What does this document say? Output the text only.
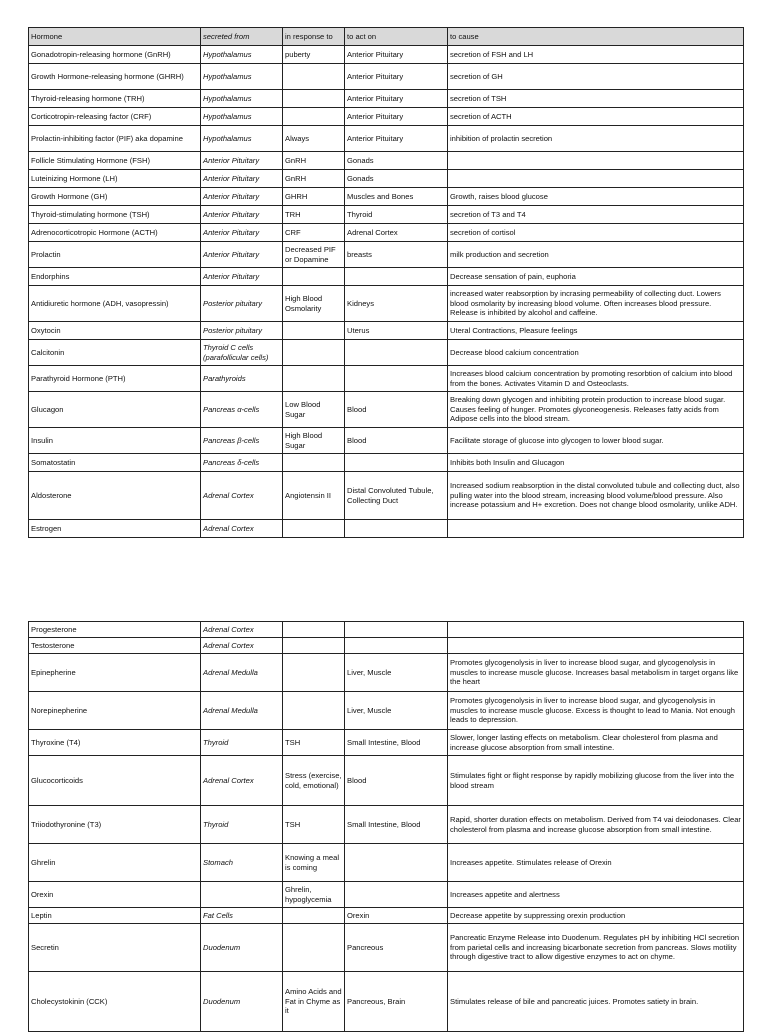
Hormone	secreted from	in response to	to act on	to cause
Gonadotropin-releasing hormone (GnRH)	Hypothalamus	puberty	Anterior Pituitary	secretion of FSH and LH
Growth Hormone-releasing hormone (GHRH)	Hypothalamus		Anterior Pituitary	secretion of GH
Thyroid-releasing hormone (TRH)	Hypothalamus		Anterior Pituitary	secretion of TSH
Corticotropin-releasing factor (CRF)	Hypothalamus		Anterior Pituitary	secretion of ACTH
Prolactin-inhibiting factor (PIF) aka dopamine	Hypothalamus	Always	Anterior Pituitary	inhibition of prolactin secretion
Follicle Stimulating Hormone (FSH)	Anterior Pituitary	GnRH	Gonads	
Luteinizing Hormone (LH)	Anterior Pituitary	GnRH	Gonads	
Growth Hormone (GH)	Anterior Pituitary	GHRH	Muscles and Bones	Growth, raises blood glucose
Thyroid-stimulating hormone (TSH)	Anterior Pituitary	TRH	Thyroid	secretion of T3 and T4
Adrenocorticotropic Hormone (ACTH)	Anterior Pituitary	CRF	Adrenal Cortex	secretion of cortisol
Prolactin	Anterior Pituitary	Decreased PIF or Dopamine	breasts	milk production and secretion
Endorphins	Anterior Pituitary			Decrease sensation of pain, euphoria
Antidiuretic hormone (ADH, vasopressin)	Posterior pituitary	High Blood Osmolarity	Kidneys	increased water reabsorption by incrasing permeability of collecting duct. Lowers blood osmolarity by increasing blood volume. Often increases blood pressure. Release is inhibited by alcohol and caffeine.
Oxytocin	Posterior pituitary		Uterus	Uteral Contractions, Pleasure feelings
Calcitonin	Thyroid C cells (parafollicular cells)			Decrease blood calcium concentration
Parathyroid Hormone (PTH)	Parathyroids			Increases blood calcium concentration by promoting resorbtion of calcium into blood from the bones. Activates Vitamin D and Osteoclasts.
Glucagon	Pancreas α-cells	Low Blood Sugar	Blood	Breaking down glycogen and inhibiting protein production to increase blood sugar. Causes feeling of hunger. Promotes glyconeogenesis. Releases fatty acids from Adipose cells into the blood stream.
Insulin	Pancreas β-cells	High Blood Sugar	Blood	Facilitate storage of glucose into glycogen to lower blood sugar.
Somatostatin	Pancreas δ-cells			Inhibits both Insulin and Glucagon
Aldosterone	Adrenal Cortex	Angiotensin II	Distal Convoluted Tubule, Collecting Duct	Increased sodium reabsorption in the distal convoluted tubule and collecting duct, also pulling water into the blood stream, increasing blood volume/blood pressure. Also increase potassium and H+ excretion. Does not change blood osmolarity, unlike ADH.
Estrogen	Adrenal Cortex			
Progesterone	Adrenal Cortex			
Testosterone	Adrenal Cortex			
Epinepherine	Adrenal Medulla		Liver, Muscle	Promotes glycogenolysis in liver to increase blood sugar, and glycogenolysis in muscles to increase muscle glucose. Increases basal metabolism in target organs like the heart
Norepinepherine	Adrenal Medulla		Liver, Muscle	Promotes glycogenolysis in liver to increase blood sugar, and glycogenolysis in muscles to increase muscle glucose. Excess is thought to lead to Mania. Not enough leads to depression.
Thyroxine (T4)	Thyroid	TSH	Small Intestine, Blood	Slower, longer lasting effects on metabolism. Clear cholesterol from plasma and increase glucose absorption from small intestine.
Glucocorticoids	Adrenal Cortex	Stress (exercise, cold, emotional)	Blood	Stimulates fight or flight response by rapidly mobilizing glucose from the liver into the blood stream
Triiodothyronine (T3)	Thyroid	TSH	Small Intestine, Blood	Rapid, shorter duration effects on metabolism. Derived from T4 vai deiodonases. Clear cholesterol from plasma and increase glucose absorption from small intestine.
Ghrelin	Stomach	Knowing a meal is coming		Increases appetite. Stimulates release of Orexin
Orexin		Ghrelin, hypoglycemia		Increases appetite and alertness
Leptin	Fat Cells		Orexin	Decrease appetite by suppressing orexin production
Secretin	Duodenum		Pancreous	Pancreatic Enzyme Release into Duodenum. Regulates pH by inhibiting HCl secretion from parietal cells and increasing bicarbonate secretion from pancreas. Slows motility through digestive tract to allow digestive enzymes to act on chyme.
Cholecystokinin (CCK)	Duodenum	Amino Acids and Fat in Chyme as it	Pancreous, Brain	Stimulates release of bile and pancreatic juices. Promotes satiety in brain.
